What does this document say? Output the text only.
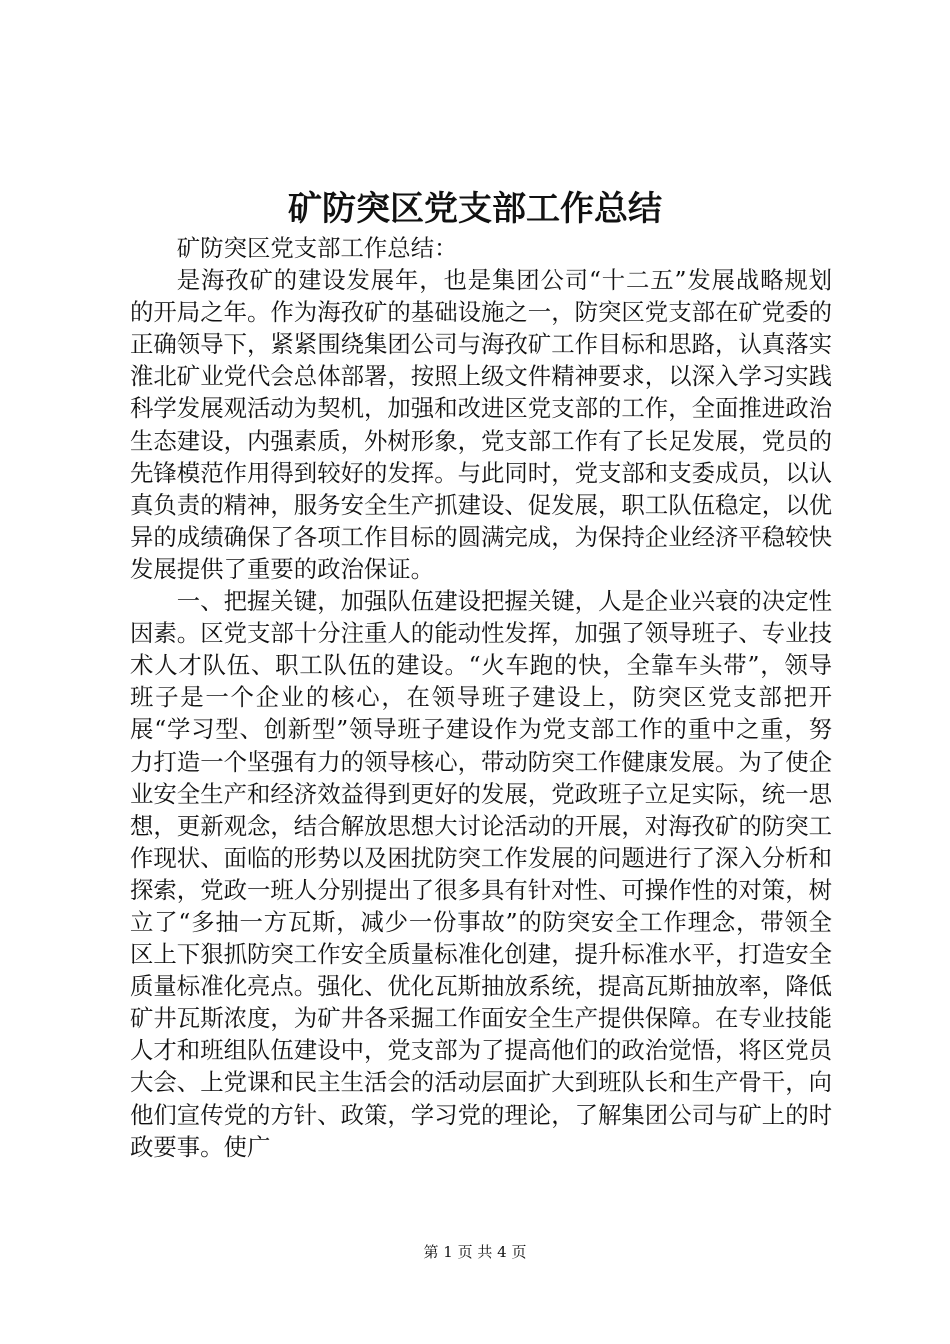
矿防突区党支部工作总结

矿防突区党支部工作总结：

是海孜矿的建设发展年，也是集团公司“十二五”发展战略规划的开局之年。作为海孜矿的基础设施之一，防突区党支部在矿党委的正确领导下，紧紧围绕集团公司与海孜矿工作目标和思路，认真落实淮北矿业党代会总体部署，按照上级文件精神要求，以深入学习实践科学发展观活动为契机，加强和改进区党支部的工作，全面推进政治生态建设，内强素质，外树形象，党支部工作有了长足发展，党员的先锋模范作用得到较好的发挥。与此同时，党支部和支委成员，以认真负责的精神，服务安全生产抓建设、促发展，职工队伍稳定，以优异的成绩确保了各项工作目标的圆满完成，为保持企业经济平稳较快发展提供了重要的政治保证。

一、把握关键，加强队伍建设把握关键，人是企业兴衰的决定性因素。区党支部十分注重人的能动性发挥，加强了领导班子、专业技术人才队伍、职工队伍的建设。“火车跑的快，全靠车头带”，领导班子是一个企业的核心，在领导班子建设上，防突区党支部把开展“学习型、创新型”领导班子建设作为党支部工作的重中之重，努力打造一个坚强有力的领导核心，带动防突工作健康发展。为了使企业安全生产和经济效益得到更好的发展，党政班子立足实际，统一思想，更新观念，结合解放思想大讨论活动的开展，对海孜矿的防突工作现状、面临的形势以及困扰防突工作发展的问题进行了深入分析和探索，党政一班人分别提出了很多具有针对性、可操作性的对策，树立了“多抽一方瓦斯，减少一份事故”的防突安全工作理念，带领全区上下狠抓防突工作安全质量标准化创建，提升标准水平，打造安全质量标准化亮点。强化、优化瓦斯抽放系统，提高瓦斯抽放率，降低矿井瓦斯浓度，为矿井各采掘工作面安全生产提供保障。在专业技能人才和班组队伍建设中，党支部为了提高他们的政治觉悟，将区党员大会、上党课和民主生活会的活动层面扩大到班队长和生产骨干，向他们宣传党的方针、政策，学习党的理论，了解集团公司与矿上的时政要事。使广

第 1 页 共 4 页
